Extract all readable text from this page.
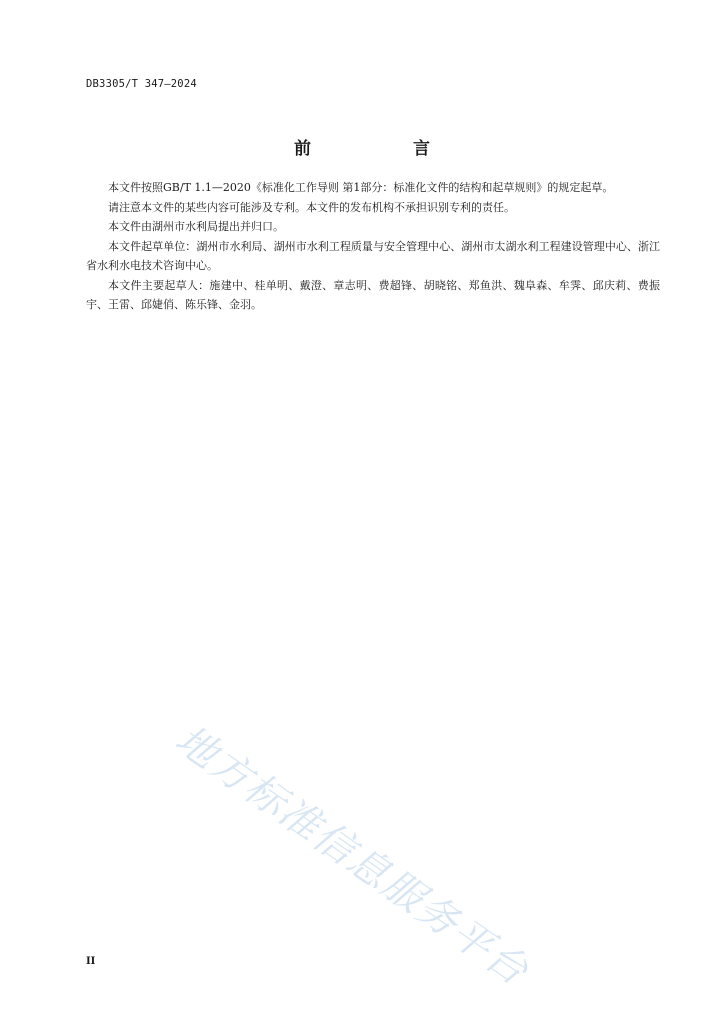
DB3305/T 347—2024
前 言

本文件按照GB/T 1.1—2020《标准化工作导则 第1部分：标准化文件的结构和起草规则》的规定起草。

请注意本文件的某些内容可能涉及专利。本文件的发布机构不承担识别专利的责任。

本文件由湖州市水利局提出并归口。

本文件起草单位：湖州市水利局、湖州市水利工程质量与安全管理中心、湖州市太湖水利工程建设管理中心、浙江省水利水电技术咨询中心。

本文件主要起草人：施建中、桂单明、戴澄、章志明、费超锋、胡晓铭、郑鱼洪、魏阜森、牟霁、邱庆莉、费振宇、王雷、邱婕俏、陈乐锋、金羽。

地方标准信息服务平台
II
